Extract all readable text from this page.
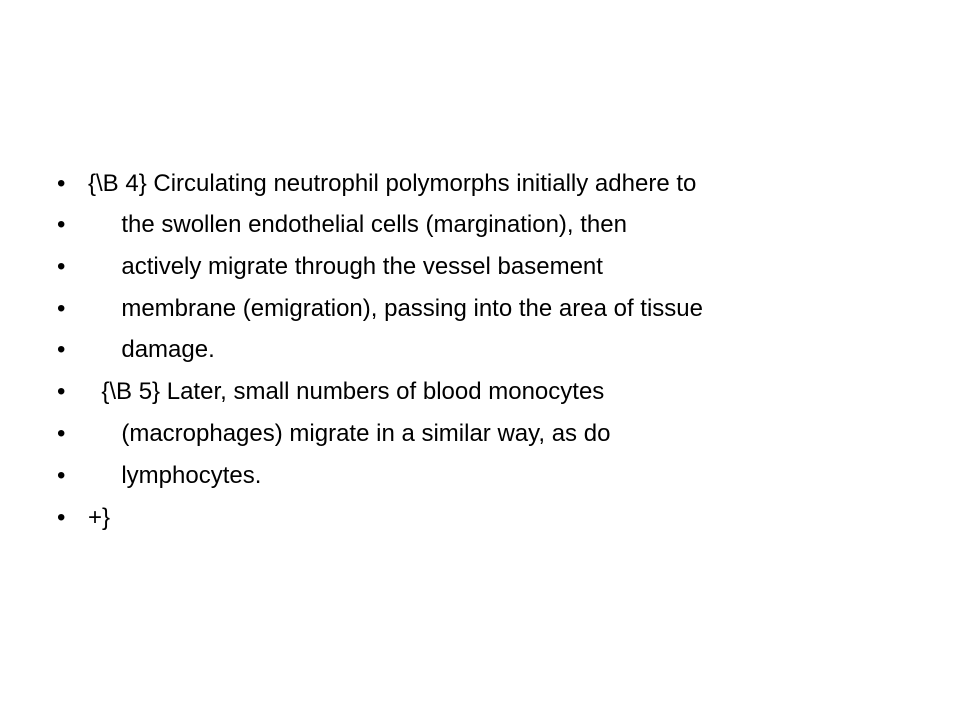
• {\B 4} Circulating neutrophil polymorphs initially adhere to
• the swollen endothelial cells (margination), then
• actively migrate through the vessel basement
• membrane (emigration), passing into the area of tissue
• damage.
• {\B 5} Later, small numbers of blood monocytes
• (macrophages) migrate in a similar way, as do
• lymphocytes.
• +}
